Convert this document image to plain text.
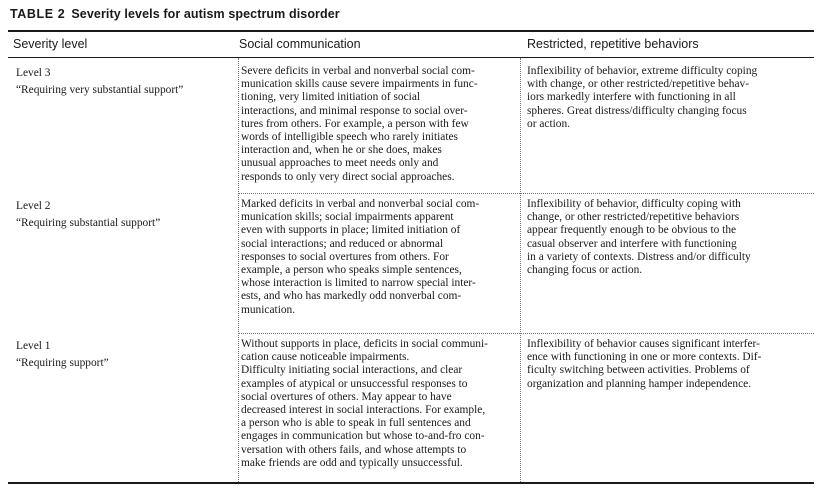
TABLE 2 Severity levels for autism spectrum disorder
Severity level	Social communication	Restricted, repetitive behaviors
Level 3
“Requiring very substantial support”
Severe deficits in verbal and nonverbal social com-
munication skills cause severe impairments in func-
tioning, very limited initiation of social
interactions, and minimal response to social over-
tures from others. For example, a person with few
words of intelligible speech who rarely initiates
interaction and, when he or she does, makes
unusual approaches to meet needs only and
responds to only very direct social approaches.
Inflexibility of behavior, extreme difficulty coping
with change, or other restricted/repetitive behav-
iors markedly interfere with functioning in all
spheres. Great distress/difficulty changing focus
or action.
Level 2
“Requiring substantial support”
Marked deficits in verbal and nonverbal social com-
munication skills; social impairments apparent
even with supports in place; limited initiation of
social interactions; and reduced or abnormal
responses to social overtures from others. For
example, a person who speaks simple sentences,
whose interaction is limited to narrow special inter-
ests, and who has markedly odd nonverbal com-
munication.
Inflexibility of behavior, difficulty coping with
change, or other restricted/repetitive behaviors
appear frequently enough to be obvious to the
casual observer and interfere with functioning
in a variety of contexts. Distress and/or difficulty
changing focus or action.
Level 1
“Requiring support”
Without supports in place, deficits in social communi-
cation cause noticeable impairments.
Difficulty initiating social interactions, and clear
examples of atypical or unsuccessful responses to
social overtures of others. May appear to have
decreased interest in social interactions. For example,
a person who is able to speak in full sentences and
engages in communication but whose to-and-fro con-
versation with others fails, and whose attempts to
make friends are odd and typically unsuccessful.
Inflexibility of behavior causes significant interfer-
ence with functioning in one or more contexts. Dif-
ficulty switching between activities. Problems of
organization and planning hamper independence.
